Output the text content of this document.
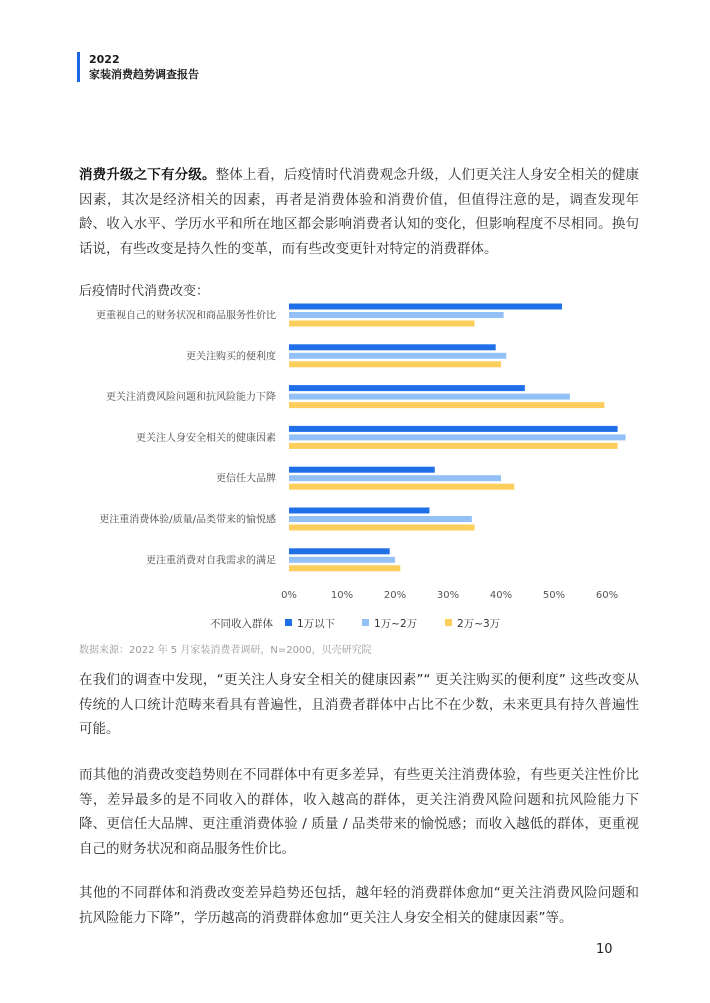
2022
家装消费趋势调查报告
消费升级之下有分级。整体上看，后疫情时代消费观念升级，人们更关注人身安全相关的健康因素，其次是经济相关的因素，再者是消费体验和消费价值，但值得注意的是，调查发现年龄、收入水平、学历水平和所在地区都会影响消费者认知的变化，但影响程度不尽相同。换句话说，有些改变是持久性的变革，而有些改变更针对特定的消费群体。
后疫情时代消费改变：
更重视自己的财务状况和商品服务性价比
更关注购买的便利度
更关注消费风险问题和抗风险能力下降
更关注人身安全相关的健康因素
更信任大品牌
更注重消费体验/质量/品类带来的愉悦感
更注重消费对自我需求的满足
0%	10%	20%	30%	40%	50%	60%
不同收入群体 1万以下	1万~2万	2万~3万
数据来源：2022 年 5 月家装消费者调研，N=2000，贝壳研究院
在我们的调查中发现，“更关注人身安全相关的健康因素”“ 更关注购买的便利度” 这些改变从传统的人口统计范畴来看具有普遍性，且消费者群体中占比不在少数，未来更具有持久普遍性可能。
而其他的消费改变趋势则在不同群体中有更多差异，有些更关注消费体验，有些更关注性价比等，差异最多的是不同收入的群体，收入越高的群体，更关注消费风险问题和抗风险能力下降、更信任大品牌、更注重消费体验 / 质量 / 品类带来的愉悦感；而收入越低的群体，更重视自己的财务状况和商品服务性价比。
其他的不同群体和消费改变差异趋势还包括，越年轻的消费群体愈加“更关注消费风险问题和抗风险能力下降”，学历越高的消费群体愈加“更关注人身安全相关的健康因素”等。
10
